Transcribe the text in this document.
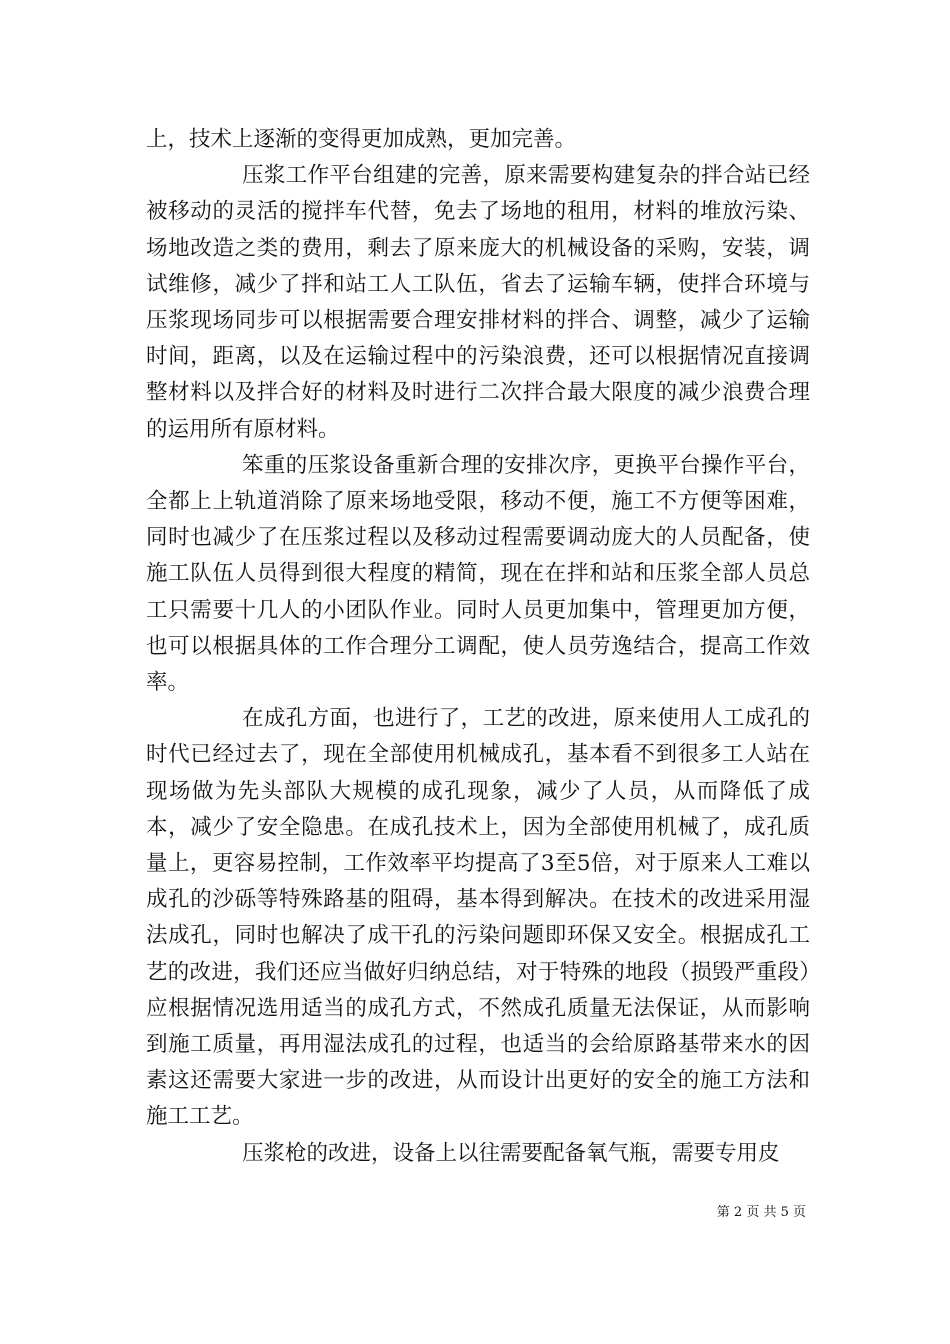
上，技术上逐渐的变得更加成熟，更加完善。

压浆工作平台组建的完善，原来需要构建复杂的拌合站已经被移动的灵活的搅拌车代替，免去了场地的租用，材料的堆放污染、场地改造之类的费用，剩去了原来庞大的机械设备的采购，安装，调试维修，减少了拌和站工人工队伍，省去了运输车辆，使拌合环境与压浆现场同步可以根据需要合理安排材料的拌合、调整，减少了运输时间，距离，以及在运输过程中的污染浪费，还可以根据情况直接调整材料以及拌合好的材料及时进行二次拌合最大限度的减少浪费合理的运用所有原材料。

笨重的压浆设备重新合理的安排次序，更换平台操作平台，全都上上轨道消除了原来场地受限，移动不便，施工不方便等困难，同时也减少了在压浆过程以及移动过程需要调动庞大的人员配备，使施工队伍人员得到很大程度的精简，现在在拌和站和压浆全部人员总工只需要十几人的小团队作业。同时人员更加集中，管理更加方便，也可以根据具体的工作合理分工调配，使人员劳逸结合，提高工作效率。

在成孔方面，也进行了，工艺的改进，原来使用人工成孔的时代已经过去了，现在全部使用机械成孔，基本看不到很多工人站在现场做为先头部队大规模的成孔现象，减少了人员，从而降低了成本，减少了安全隐患。在成孔技术上，因为全部使用机械了，成孔质量上，更容易控制，工作效率平均提高了3至5倍，对于原来人工难以成孔的沙砾等特殊路基的阻碍，基本得到解决。在技术的改进采用湿法成孔，同时也解决了成干孔的污染问题即环保又安全。根据成孔工艺的改进，我们还应当做好归纳总结，对于特殊的地段（损毁严重段）应根据情况选用适当的成孔方式，不然成孔质量无法保证，从而影响到施工质量，再用湿法成孔的过程，也适当的会给原路基带来水的因素这还需要大家进一步的改进，从而设计出更好的安全的施工方法和施工工艺。

压浆枪的改进，设备上以往需要配备氧气瓶，需要专用皮

第 2 页 共 5 页
